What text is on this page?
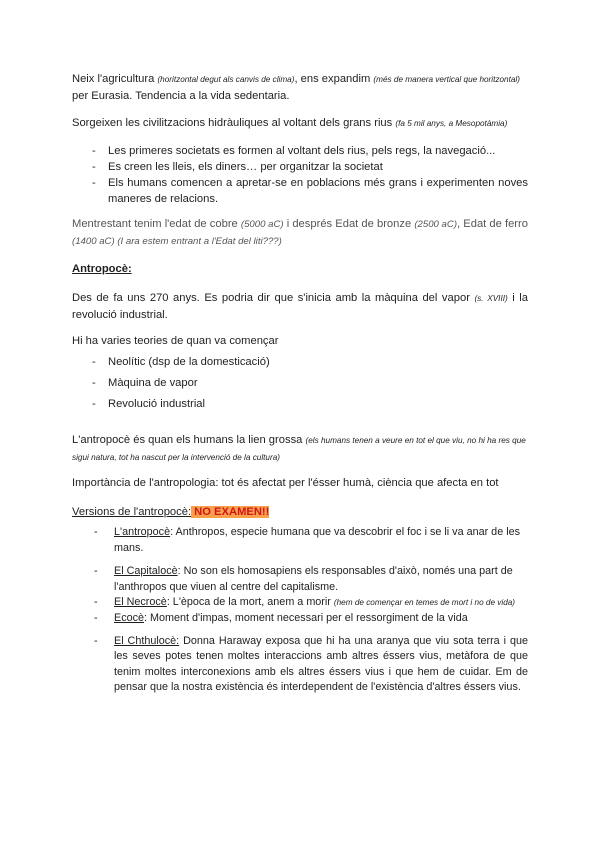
Neix l'agricultura (horitzontal degut als canvis de clima), ens expandim (més de manera vertical que horitzontal) per Eurasia. Tendencia a la vida sedentaria.
Sorgeixen les civilitzacions hidràuliques al voltant dels grans rius (fa 5 mil anys, a Mesopotàmia)
- Les primeres societats es formen al voltant dels rius, pels regs, la navegació...
- Es creen les lleis, els diners… per organitzar la societat
- Els humans comencen a apretar-se en poblacions més grans i experimenten noves maneres de relacions.
Mentrestant tenim l'edat de cobre (5000 aC) i després Edat de bronze (2500 aC), Edat de ferro (1400 aC) (I ara estem entrant a l'Edat del liti???)
Antropocè:
Des de fa uns 270 anys. Es podria dir que s'inicia amb la màquina del vapor (s. XVIII) i la revolució industrial.
Hi ha varies teories de quan va començar
- Neolític (dsp de la domesticació)
- Màquina de vapor
- Revolució industrial
L'antropocè és quan els humans la lien grossa (els humans tenen a veure en tot el que viu, no hi ha res que sigui natura, tot ha nascut per la intervenció de la cultura)
Importància de l'antropologia: tot és afectat per l'ésser humà, ciència que afecta en tot
Versions de l'antropocè: NO EXAMEN!!
- L'antropocè: Anthropos, especie humana que va descobrir el foc i se li va anar de les mans.
- El Capitalocè: No son els homosapiens els responsables d'això, només una part de l'anthropos que viuen al centre del capitalisme.
- El Necrocè: L'època de la mort, anem a morir (hem de començar en temes de mort i no de vida)
- Ecocè: Moment d'impas, moment necessari per el ressorgiment de la vida
- El Chthulocè: Donna Haraway exposa que hi ha una aranya que viu sota terra i que les seves potes tenen moltes interaccions amb altres éssers vius, metàfora de que tenim moltes interconexions amb els altres éssers vius i que hem de cuidar. Em de pensar que la nostra existència és interdependent de l'existència d'altres éssers vius.
